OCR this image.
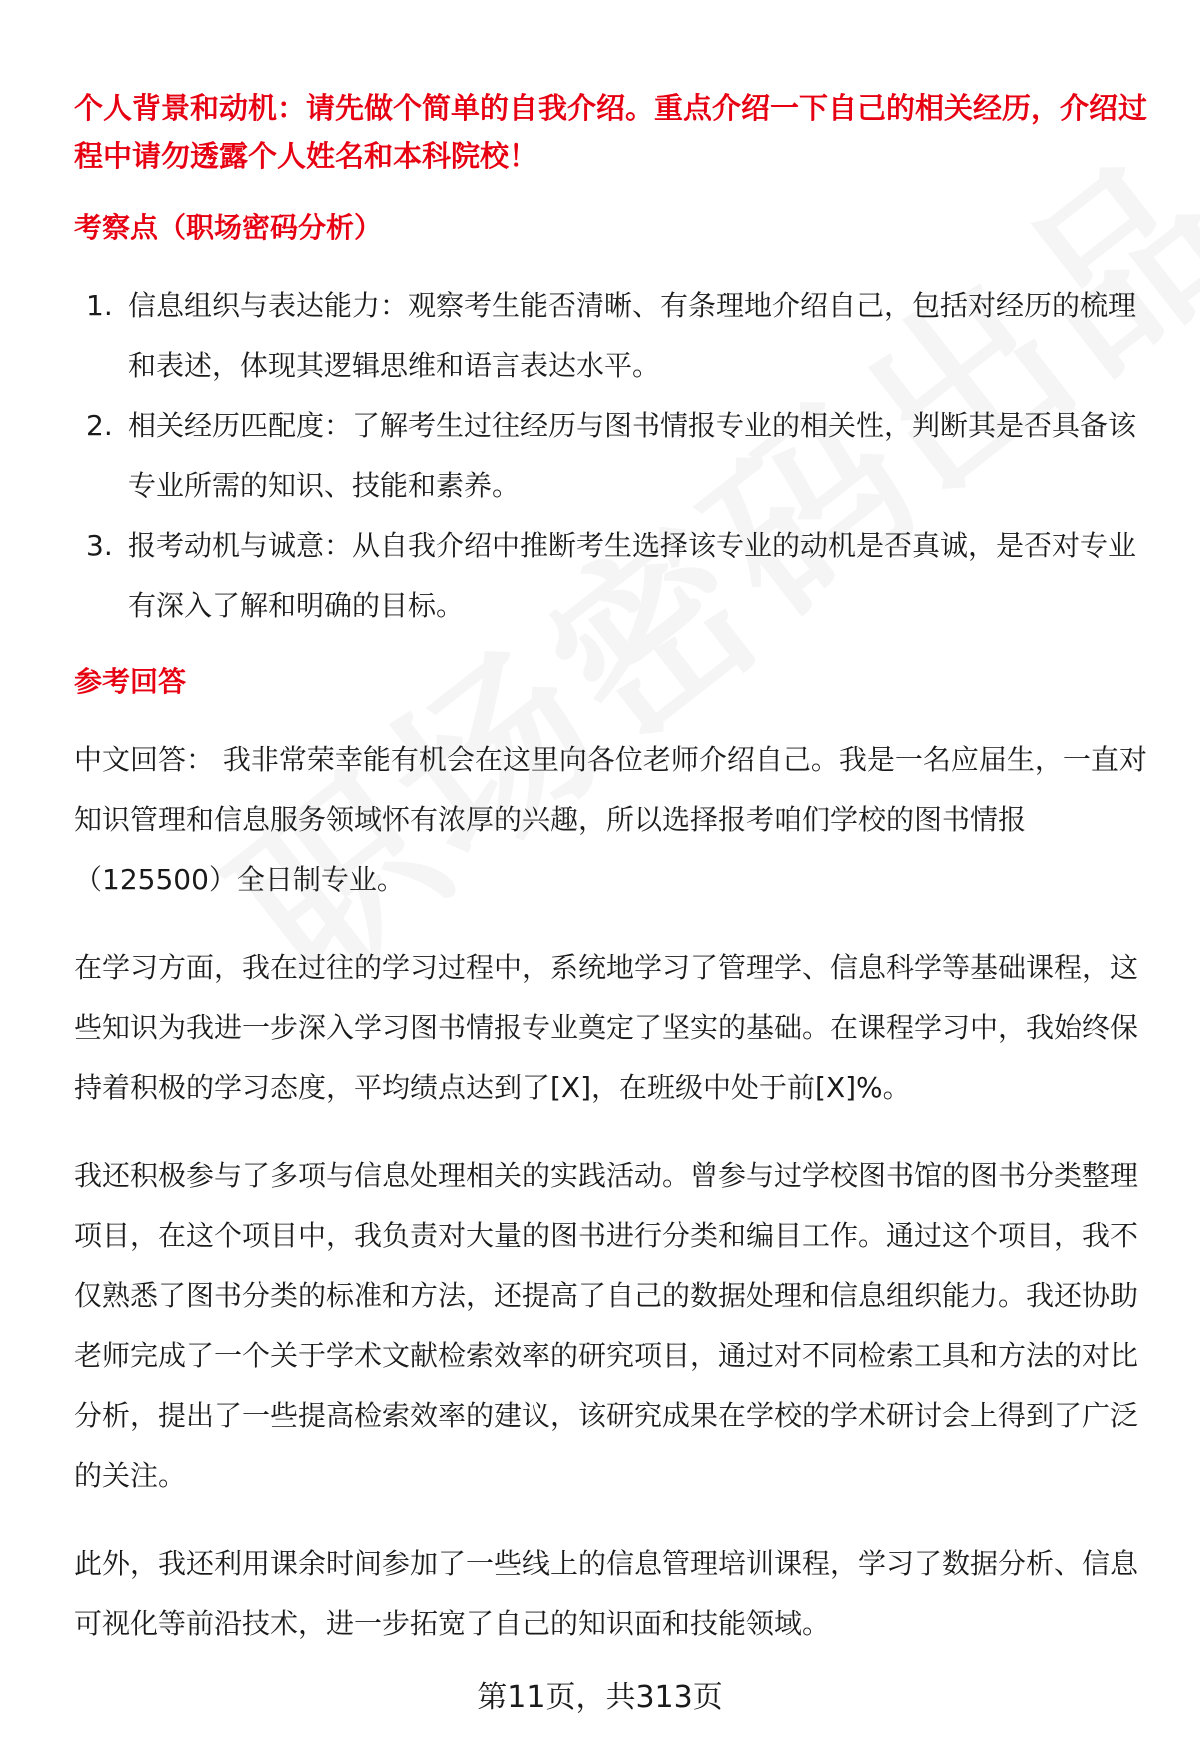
个人背景和动机：请先做个简单的自我介绍。重点介绍一下自己的相关经历，介绍过程中请勿透露个人姓名和本科院校！

考察点（职场密码分析）

1. 信息组织与表达能力：观察考生能否清晰、有条理地介绍自己，包括对经历的梳理和表述，体现其逻辑思维和语言表达水平。
2. 相关经历匹配度：了解考生过往经历与图书情报专业的相关性，判断其是否具备该专业所需的知识、技能和素养。
3. 报考动机与诚意：从自我介绍中推断考生选择该专业的动机是否真诚，是否对专业有深入了解和明确的目标。

参考回答

中文回答： 我非常荣幸能有机会在这里向各位老师介绍自己。我是一名应届生，一直对知识管理和信息服务领域怀有浓厚的兴趣，所以选择报考咱们学校的图书情报（125500）全日制专业。

在学习方面，我在过往的学习过程中，系统地学习了管理学、信息科学等基础课程，这些知识为我进一步深入学习图书情报专业奠定了坚实的基础。在课程学习中，我始终保持着积极的学习态度，平均绩点达到了[X]，在班级中处于前[X]%。

我还积极参与了多项与信息处理相关的实践活动。曾参与过学校图书馆的图书分类整理项目，在这个项目中，我负责对大量的图书进行分类和编目工作。通过这个项目，我不仅熟悉了图书分类的标准和方法，还提高了自己的数据处理和信息组织能力。我还协助老师完成了一个关于学术文献检索效率的研究项目，通过对不同检索工具和方法的对比分析，提出了一些提高检索效率的建议，该研究成果在学校的学术研讨会上得到了广泛的关注。

此外，我还利用课余时间参加了一些线上的信息管理培训课程，学习了数据分析、信息可视化等前沿技术，进一步拓宽了自己的知识面和技能领域。

第11页，共313页
